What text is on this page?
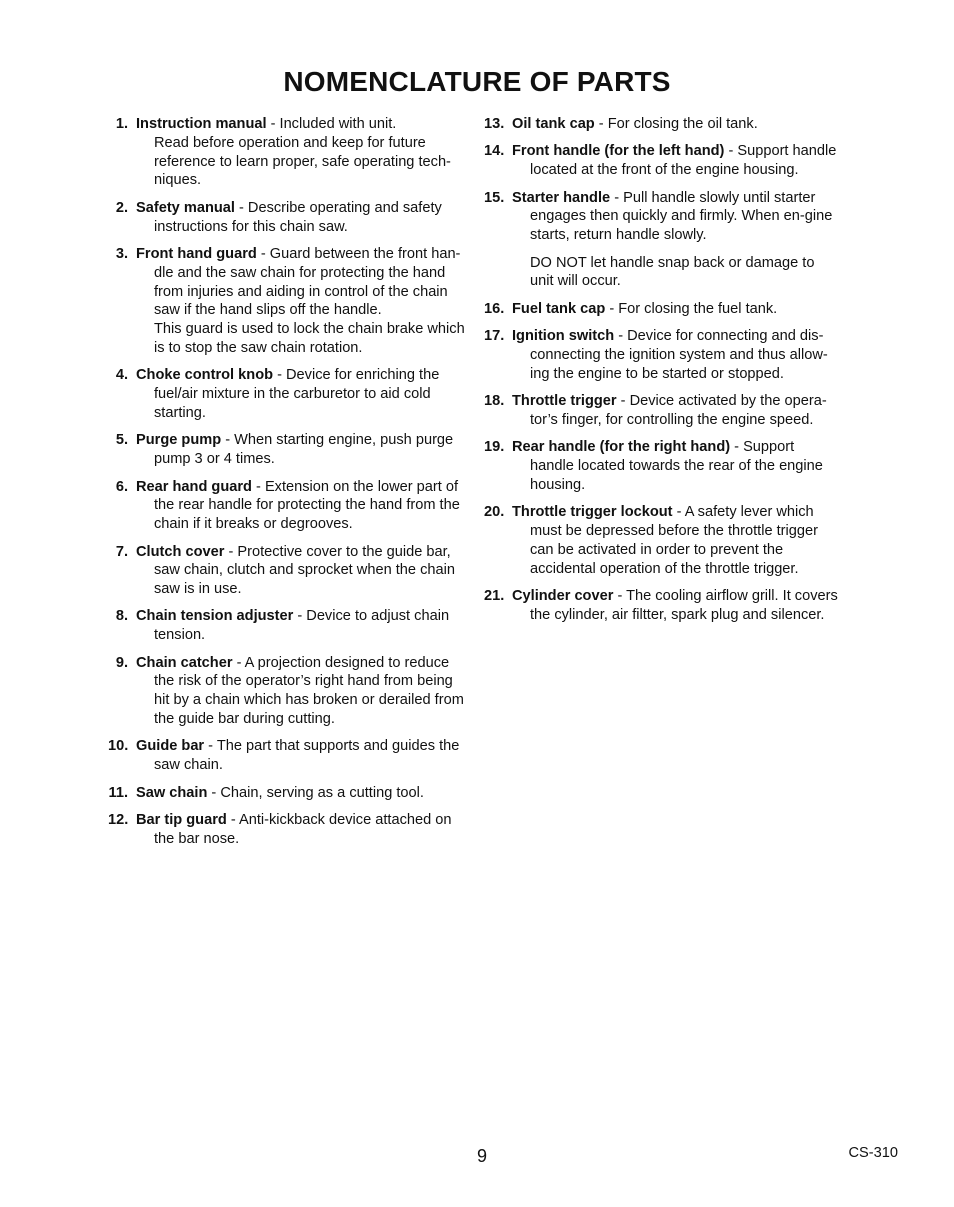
NOMENCLATURE OF PARTS
1. Instruction manual - Included with unit.
Read before operation and keep for future reference to learn proper, safe operating tech-niques.

2. Safety manual - Describe operating and safety instructions for this chain saw.

3. Front hand guard - Guard between the front han-dle and the saw chain for protecting the hand from injuries and aiding in control of the chain saw if the hand slips off the handle.
This guard is used to lock the chain brake which is to stop the saw chain rotation.

4. Choke control knob - Device for enriching the fuel/air mixture in the carburetor to aid cold starting.

5. Purge pump - When starting engine, push purge pump 3 or 4 times.

6. Rear hand guard - Extension on the lower part of the rear handle for protecting the hand from the chain if it breaks or degrooves.

7. Clutch cover - Protective cover to the guide bar, saw chain, clutch and sprocket when the chain saw is in use.

8. Chain tension adjuster - Device to adjust chain tension.

9. Chain catcher - A projection designed to reduce the risk of the operator’s right hand from being hit by a chain which has broken or derailed from the guide bar during cutting.

10. Guide bar - The part that supports and guides the saw chain.

11. Saw chain - Chain, serving as a cutting tool.

12. Bar tip guard - Anti-kickback device attached on the bar nose.

13. Oil tank cap - For closing the oil tank.

14. Front handle (for the left hand) - Support handle located at the front of the engine housing.

15. Starter handle - Pull handle slowly until starter engages then quickly and firmly. When en-gine starts, return handle slowly.

DO NOT let handle snap back or damage to unit will occur.
16. Fuel tank cap - For closing the fuel tank.

17. Ignition switch - Device for connecting and dis-connecting the ignition system and thus allow-ing the engine to be started or stopped.

18. Throttle trigger - Device activated by the opera-tor’s finger, for controlling the engine speed.

19. Rear handle (for the right hand) - Support handle located towards the rear of the engine housing.

20. Throttle trigger lockout - A safety lever which must be depressed before the throttle trigger can be activated in order to prevent the accidental operation of the throttle trigger.

21. Cylinder cover - The cooling airflow grill. It covers the cylinder, air filtter, spark plug and silencer.

9	CS-310
